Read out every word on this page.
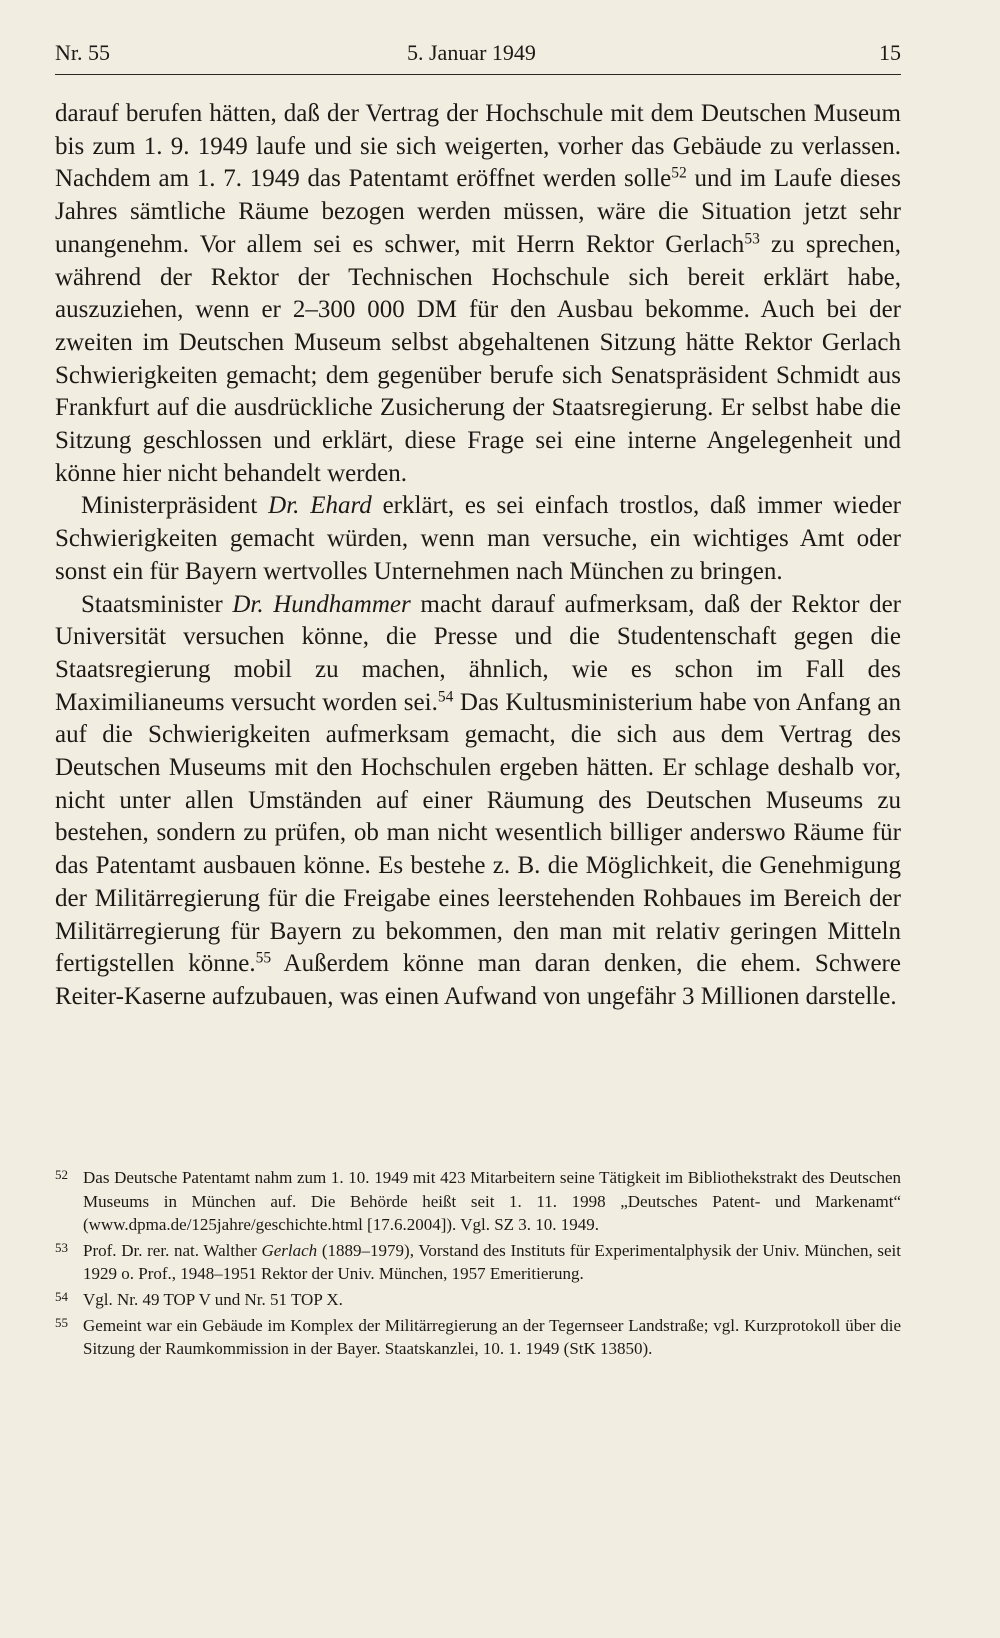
Nr. 55	5. Januar 1949	15

darauf berufen hätten, daß der Vertrag der Hochschule mit dem Deutschen Museum bis zum 1. 9. 1949 laufe und sie sich weigerten, vorher das Gebäude zu verlassen. Nachdem am 1. 7. 1949 das Patentamt eröffnet werden solle$^{52}$ und im Laufe dieses Jahres sämtliche Räume bezogen werden müssen, wäre die Situation jetzt sehr unangenehm. Vor allem sei es schwer, mit Herrn Rektor Gerlach$^{53}$ zu sprechen, während der Rektor der Technischen Hochschule sich bereit erklärt habe, auszuziehen, wenn er 2–300 000 DM für den Ausbau bekomme. Auch bei der zweiten im Deutschen Museum selbst abgehaltenen Sitzung hätte Rektor Gerlach Schwierigkeiten gemacht; dem gegenüber berufe sich Senatspräsident Schmidt aus Frankfurt auf die ausdrückliche Zusicherung der Staatsregierung. Er selbst habe die Sitzung geschlossen und erklärt, diese Frage sei eine interne Angelegenheit und könne hier nicht behandelt werden.

Ministerpräsident Dr. Ehard erklärt, es sei einfach trostlos, daß immer wieder Schwierigkeiten gemacht würden, wenn man versuche, ein wichtiges Amt oder sonst ein für Bayern wertvolles Unternehmen nach München zu bringen.

Staatsminister Dr. Hundhammer macht darauf aufmerksam, daß der Rektor der Universität versuchen könne, die Presse und die Studentenschaft gegen die Staatsregierung mobil zu machen, ähnlich, wie es schon im Fall des Maximilianeums versucht worden sei.$^{54}$ Das Kultusministerium habe von Anfang an auf die Schwierigkeiten aufmerksam gemacht, die sich aus dem Vertrag des Deutschen Museums mit den Hochschulen ergeben hätten. Er schlage deshalb vor, nicht unter allen Umständen auf einer Räumung des Deutschen Museums zu bestehen, sondern zu prüfen, ob man nicht wesentlich billiger anderswo Räume für das Patentamt ausbauen könne. Es bestehe z. B. die Möglichkeit, die Genehmigung der Militärregierung für die Freigabe eines leerstehenden Rohbaues im Bereich der Militärregierung für Bayern zu bekommen, den man mit relativ geringen Mitteln fertigstellen könne.$^{55}$ Außerdem könne man daran denken, die ehem. Schwere Reiter-Kaserne aufzubauen, was einen Aufwand von ungefähr 3 Millionen darstelle.

52 Das Deutsche Patentamt nahm zum 1. 10. 1949 mit 423 Mitarbeitern seine Tätigkeit im Bibliothekstrakt des Deutschen Museums in München auf. Die Behörde heißt seit 1. 11. 1998 „Deutsches Patent- und Markenamt“ (www.dpma.de/125jahre/geschichte.html [17.6.2004]). Vgl. SZ 3. 10. 1949.
53 Prof. Dr. rer. nat. Walther Gerlach (1889–1979), Vorstand des Instituts für Experimentalphysik der Univ. München, seit 1929 o. Prof., 1948–1951 Rektor der Univ. München, 1957 Emeritierung.
54 Vgl. Nr. 49 TOP V und Nr. 51 TOP X.
55 Gemeint war ein Gebäude im Komplex der Militärregierung an der Tegernseer Landstraße; vgl. Kurzprotokoll über die Sitzung der Raumkommission in der Bayer. Staatskanzlei, 10. 1. 1949 (StK 13850).
